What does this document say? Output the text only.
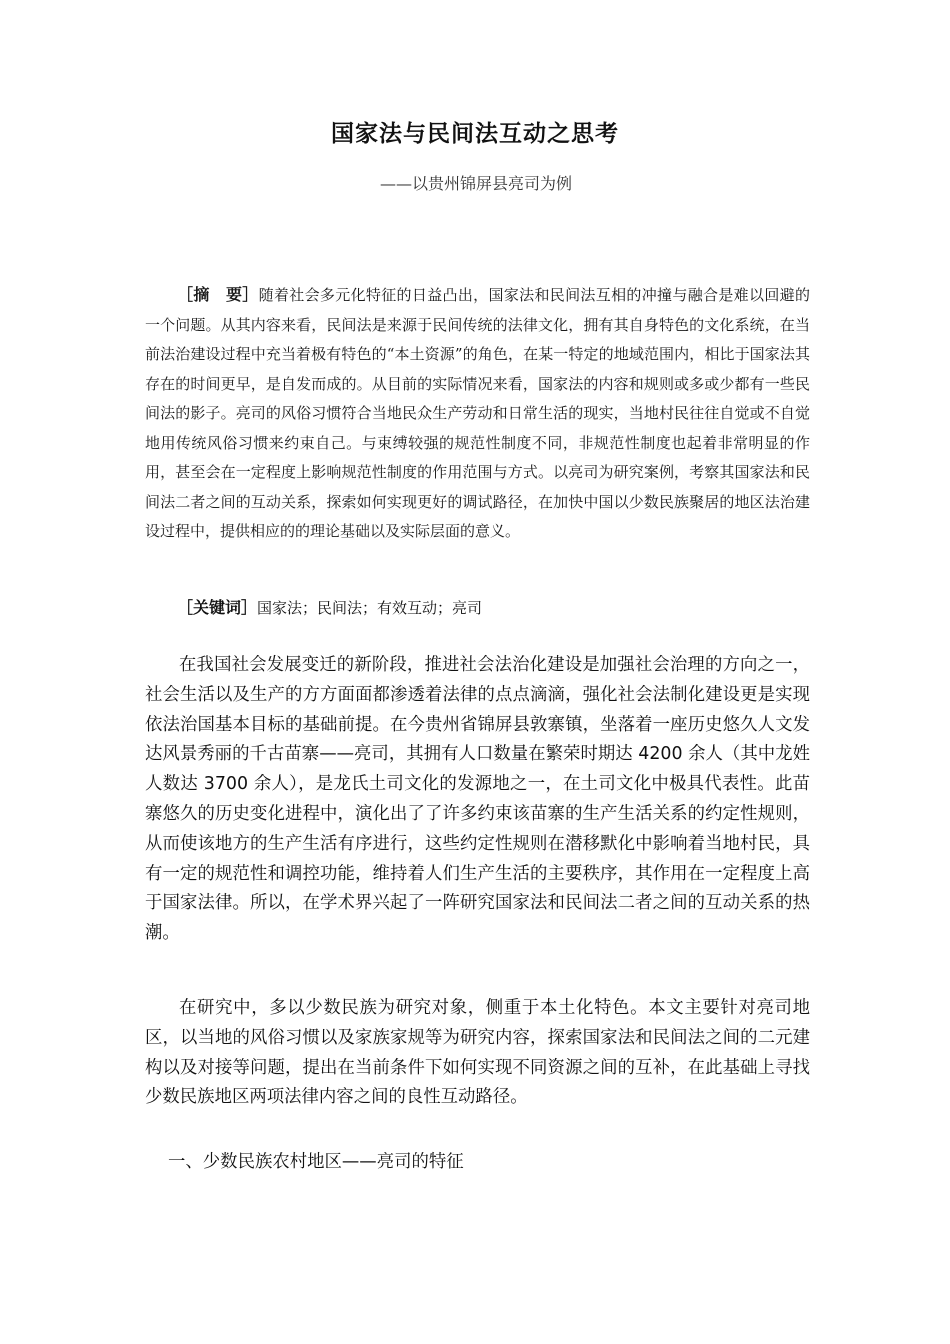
国家法与民间法互动之思考
——以贵州锦屏县亮司为例
［摘　要］随着社会多元化特征的日益凸出，国家法和民间法互相的冲撞与融合是难以回避的一个问题。从其内容来看，民间法是来源于民间传统的法律文化，拥有其自身特色的文化系统，在当前法治建设过程中充当着极有特色的“本土资源”的角色，在某一特定的地域范围内，相比于国家法其存在的时间更早，是自发而成的。从目前的实际情况来看，国家法的内容和规则或多或少都有一些民间法的影子。亮司的风俗习惯符合当地民众生产劳动和日常生活的现实，当地村民往往自觉或不自觉地用传统风俗习惯来约束自己。与束缚较强的规范性制度不同，非规范性制度也起着非常明显的作用，甚至会在一定程度上影响规范性制度的作用范围与方式。以亮司为研究案例，考察其国家法和民间法二者之间的互动关系，探索如何实现更好的调试路径，在加快中国以少数民族聚居的地区法治建设过程中，提供相应的的理论基础以及实际层面的意义。
［关键词］国家法；民间法；有效互动；亮司
在我国社会发展变迁的新阶段，推进社会法治化建设是加强社会治理的方向之一，社会生活以及生产的方方面面都渗透着法律的点点滴滴，强化社会法制化建设更是实现依法治国基本目标的基础前提。在今贵州省锦屏县敦寨镇，坐落着一座历史悠久人文发达风景秀丽的千古苗寨——亮司，其拥有人口数量在繁荣时期达 4200 余人（其中龙姓人数达 3700 余人），是龙氏土司文化的发源地之一，在土司文化中极具代表性。此苗寨悠久的历史变化进程中，演化出了了许多约束该苗寨的生产生活关系的约定性规则，从而使该地方的生产生活有序进行，这些约定性规则在潜移默化中影响着当地村民，具有一定的规范性和调控功能，维持着人们生产生活的主要秩序，其作用在一定程度上高于国家法律。所以，在学术界兴起了一阵研究国家法和民间法二者之间的互动关系的热潮。
在研究中，多以少数民族为研究对象，侧重于本土化特色。本文主要针对亮司地区，以当地的风俗习惯以及家族家规等为研究内容，探索国家法和民间法之间的二元建构以及对接等问题，提出在当前条件下如何实现不同资源之间的互补，在此基础上寻找少数民族地区两项法律内容之间的良性互动路径。
一、少数民族农村地区——亮司的特征
